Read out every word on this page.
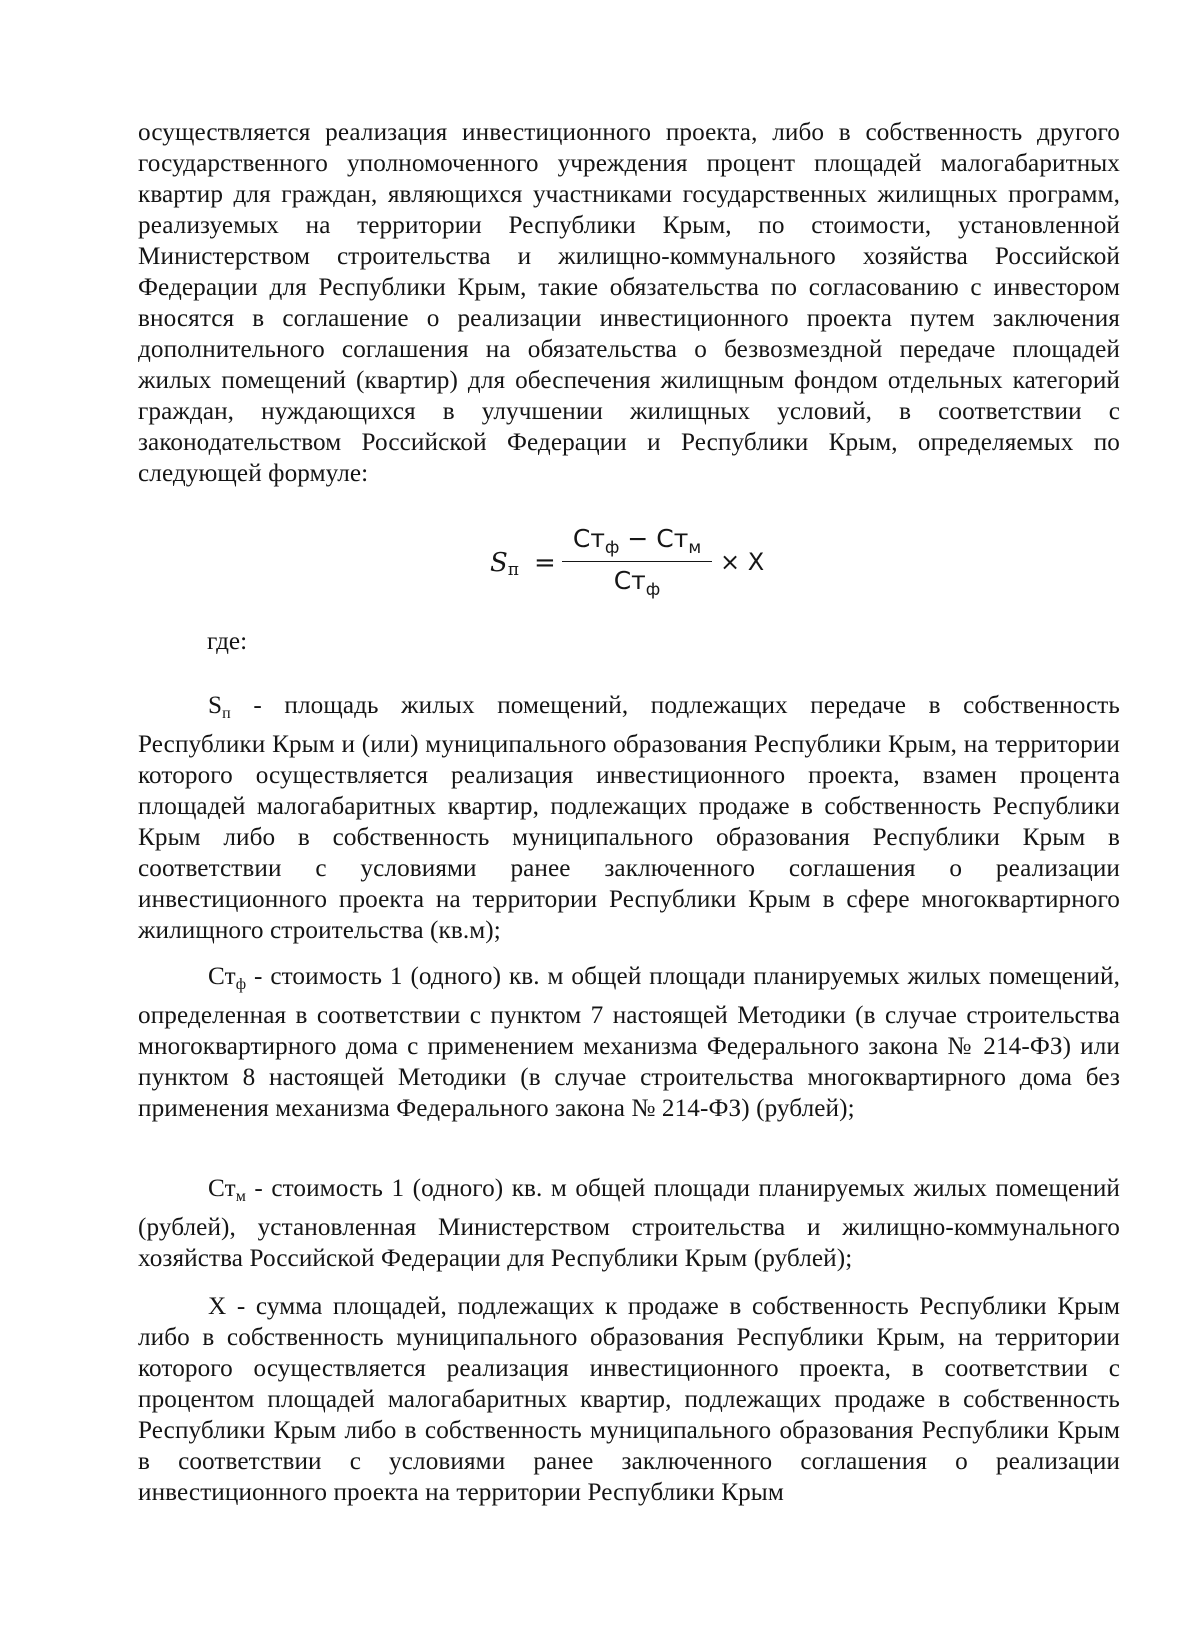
осуществляется реализация инвестиционного проекта, либо в собственность другого государственного уполномоченного учреждения процент площадей малогабаритных квартир для граждан, являющихся участниками государственных жилищных программ, реализуемых на территории Республики Крым, по стоимости, установленной Министерством строительства и жилищно-коммунального хозяйства Российской Федерации для Республики Крым, такие обязательства по согласованию с инвестором вносятся в соглашение о реализации инвестиционного проекта путем заключения дополнительного соглашения на обязательства о безвозмездной передаче площадей жилых помещений (квартир) для обеспечения жилищным фондом отдельных категорий граждан, нуждающихся в улучшении жилищных условий, в соответствии с законодательством Российской Федерации и Республики Крым, определяемых по следующей формуле:

$S_п$ =
$Ст_ф - Ст_м$
$Ст_ф$
× X
где:

$S_п$ - площадь жилых помещений, подлежащих передаче в собственность Республики Крым и (или) муниципального образования Республики Крым, на территории которого осуществляется реализация инвестиционного проекта, взамен процента площадей малогабаритных квартир, подлежащих продаже в собственность Республики Крым либо в собственность муниципального образования Республики Крым в соответствии с условиями ранее заключенного соглашения о реализации инвестиционного проекта на территории Республики Крым в сфере многоквартирного жилищного строительства (кв.м);

$Ст_ф$ - стоимость 1 (одного) кв. м общей площади планируемых жилых помещений, определенная в соответствии с пунктом 7 настоящей Методики (в случае строительства многоквартирного дома с применением механизма Федерального закона № 214-ФЗ) или пунктом 8 настоящей Методики (в случае строительства многоквартирного дома без применения механизма Федерального закона № 214-ФЗ) (рублей);

$Ст_м$ - стоимость 1 (одного) кв. м общей площади планируемых жилых помещений (рублей), установленная Министерством строительства и жилищно-коммунального хозяйства Российской Федерации для Республики Крым (рублей);

X - сумма площадей, подлежащих к продаже в собственность Республики Крым либо в собственность муниципального образования Республики Крым, на территории которого осуществляется реализация инвестиционного проекта, в соответствии с процентом площадей малогабаритных квартир, подлежащих продаже в собственность Республики Крым либо в собственность муниципального образования Республики Крым в соответствии с условиями ранее заключенного соглашения о реализации инвестиционного проекта на территории Республики Крым
